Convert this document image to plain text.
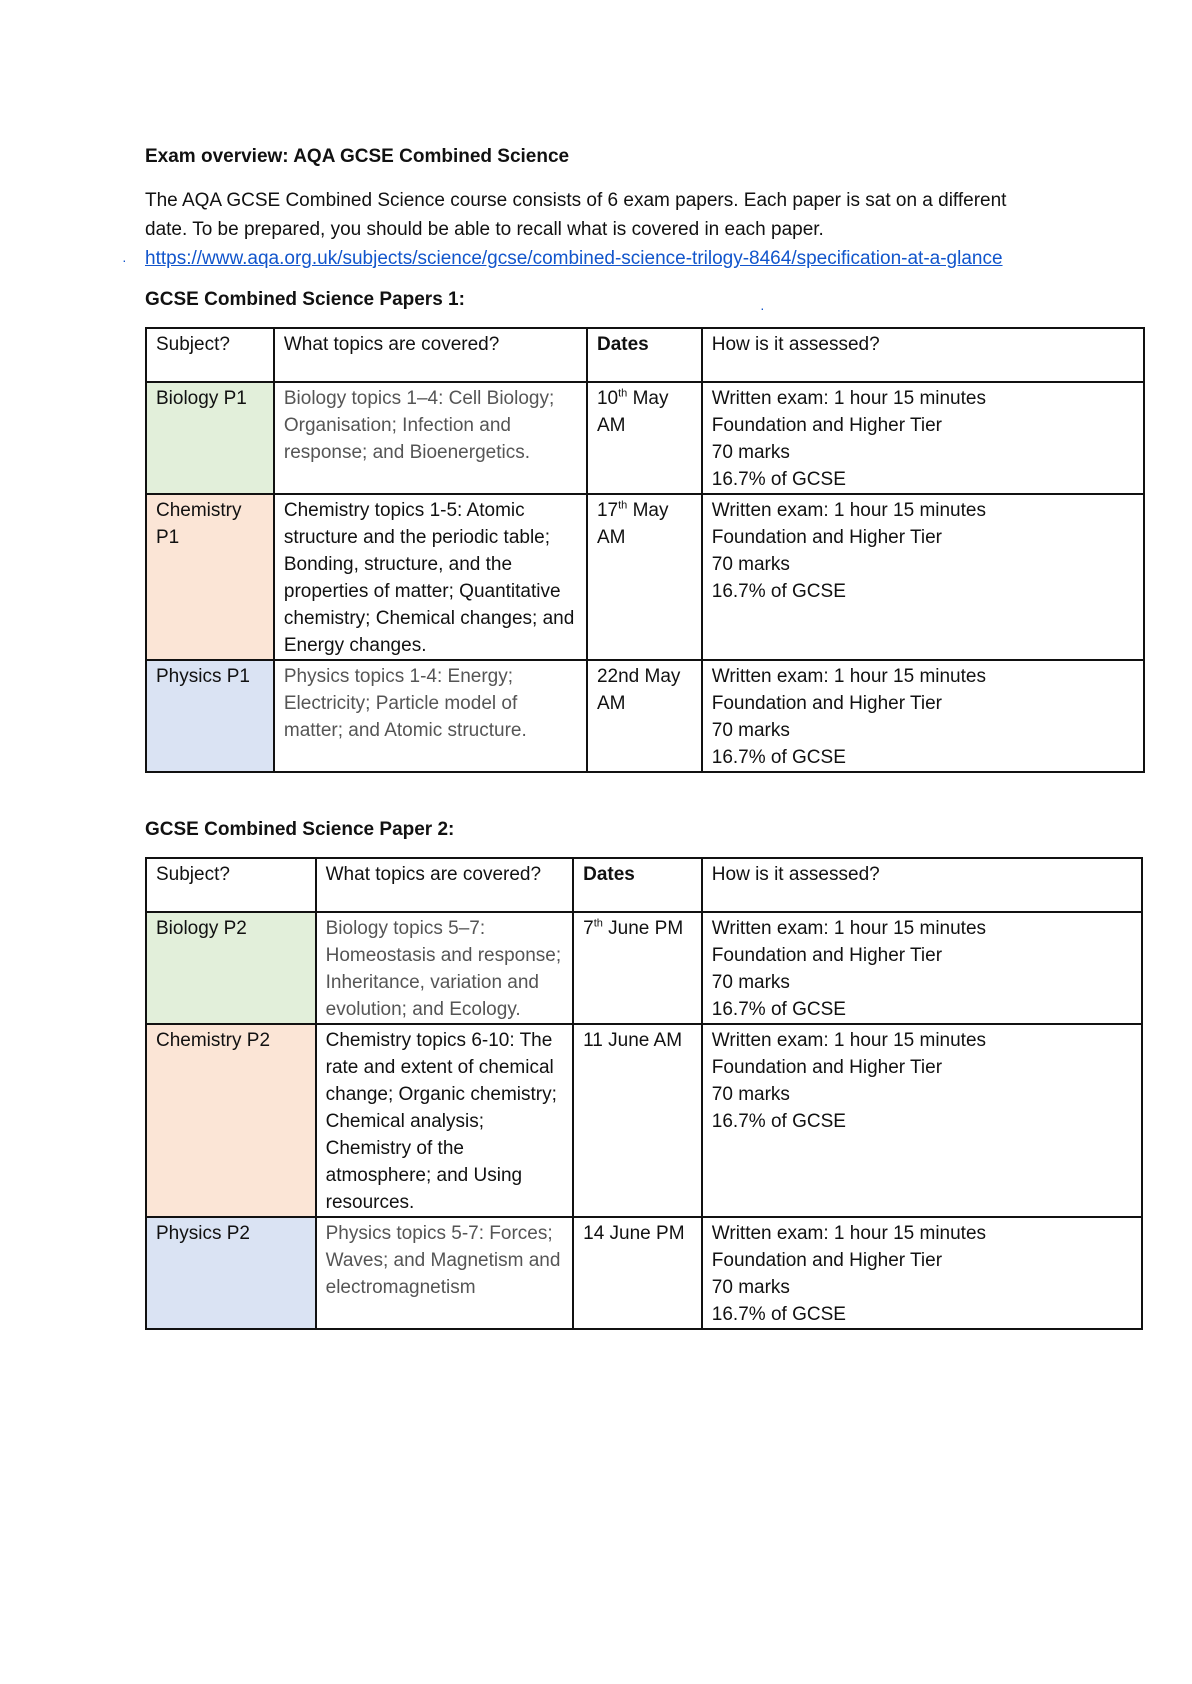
·
·
Exam overview: AQA GCSE Combined Science
The AQA GCSE Combined Science course consists of 6 exam papers. Each paper is sat on a different date. To be prepared, you should be able to recall what is covered in each paper.
https://www.aqa.org.uk/subjects/science/gcse/combined-science-trilogy-8464/specification-at-a-glance
GCSE Combined Science Papers 1:
Subject?	What topics are covered?	Dates	How is it assessed?
Biology P1	Biology topics 1–4: Cell Biology; Organisation; Infection and response; and Bioenergetics.	10th May AM	Written exam: 1 hour 15 minutes
Foundation and Higher Tier
70 marks
16.7% of GCSE

Chemistry P1	Chemistry topics 1-5: Atomic structure and the periodic table; Bonding, structure, and the properties of matter; Quantitative chemistry; Chemical changes; and Energy changes.	17th May AM	Written exam: 1 hour 15 minutes
Foundation and Higher Tier
70 marks
16.7% of GCSE

Physics P1	Physics topics 1-4: Energy; Electricity; Particle model of matter; and Atomic structure.	22nd May AM	Written exam: 1 hour 15 minutes
Foundation and Higher Tier
70 marks
16.7% of GCSE
GCSE Combined Science Paper 2:
Subject?	What topics are covered?	Dates	How is it assessed?
Biology P2	Biology topics 5–7: Homeostasis and response; Inheritance, variation and evolution; and Ecology.	7th June PM	Written exam: 1 hour 15 minutes
Foundation and Higher Tier
70 marks
16.7% of GCSE

Chemistry P2	Chemistry topics 6-10: The rate and extent of chemical change; Organic chemistry; Chemical analysis; Chemistry of the atmosphere; and Using resources.	11 June AM	Written exam: 1 hour 15 minutes
Foundation and Higher Tier
70 marks
16.7% of GCSE

Physics P2	Physics topics 5-7: Forces; Waves; and Magnetism and electromagnetism	14 June PM	Written exam: 1 hour 15 minutes
Foundation and Higher Tier
70 marks
16.7% of GCSE
